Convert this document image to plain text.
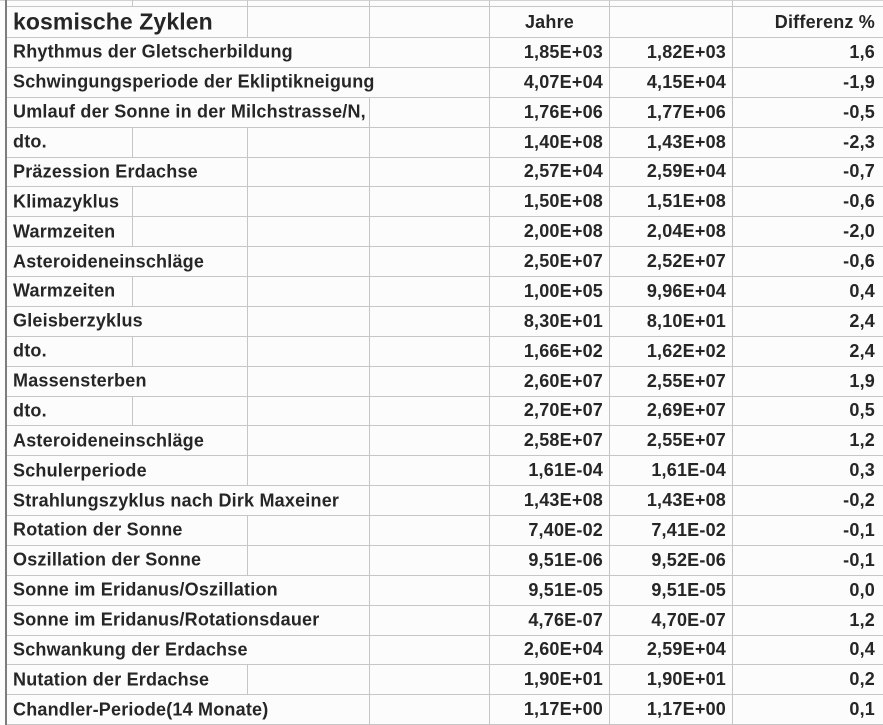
kosmische Zyklen	Jahre	Differenz %
Rhythmus der Gletscherbildung	1,85E+03 1,82E+03	1,6
Schwingungsperiode der Ekliptikneigung	4,07E+04 4,15E+04	-1,9
Umlauf der Sonne in der Milchstrasse/N,	1,76E+06 1,77E+06	-0,5
dto.	1,40E+08 1,43E+08	-2,3
Präzession Erdachse	2,57E+04 2,59E+04	-0,7
Klimazyklus	1,50E+08 1,51E+08	-0,6
Warmzeiten	2,00E+08 2,04E+08	-2,0
Asteroideneinschläge	2,50E+07 2,52E+07	-0,6
Warmzeiten	1,00E+05 9,96E+04	0,4
Gleisberzyklus	8,30E+01 8,10E+01	2,4
dto.	1,66E+02 1,62E+02	2,4
Massensterben	2,60E+07 2,55E+07	1,9
dto.	2,70E+07 2,69E+07	0,5
Asteroideneinschläge	2,58E+07 2,55E+07	1,2
Schulerperiode	1,61E-04	1,61E-04	0,3
Strahlungszyklus nach Dirk Maxeiner	1,43E+08 1,43E+08	-0,2
Rotation der Sonne	7,40E-02	7,41E-02	-0,1
Oszillation der Sonne	9,51E-06	9,52E-06	-0,1
Sonne im Eridanus/Oszillation	9,51E-05	9,51E-05	0,0
Sonne im Eridanus/Rotationsdauer	4,76E-07	4,70E-07	1,2
Schwankung der Erdachse	2,60E+04 2,59E+04	0,4
Nutation der Erdachse	1,90E+01 1,90E+01	0,2
Chandler-Periode(14 Monate)	1,17E+00 1,17E+00	0,1
